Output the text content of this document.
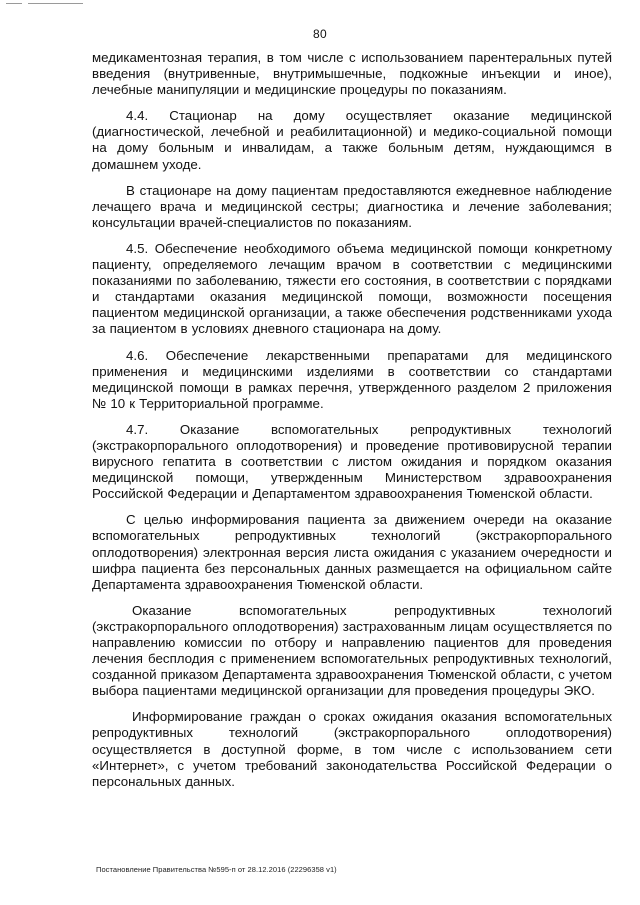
80

медикаментозная терапия, в том числе с использованием парентеральных путей введения (внутривенные, внутримышечные, подкожные инъекции и иное), лечебные манипуляции и медицинские процедуры по показаниям.

4.4. Стационар на дому осуществляет оказание медицинской (диагностической, лечебной и реабилитационной) и медико-социальной помощи на дому больным и инвалидам, а также больным детям, нуждающимся в домашнем уходе.

В стационаре на дому пациентам предоставляются ежедневное наблюдение лечащего врача и медицинской сестры; диагностика и лечение заболевания; консультации врачей-специалистов по показаниям.

4.5. Обеспечение необходимого объема медицинской помощи конкретному пациенту, определяемого лечащим врачом в соответствии с медицинскими показаниями по заболеванию, тяжести его состояния, в соответствии с порядками и стандартами оказания медицинской помощи, возможности посещения пациентом медицинской организации, а также обеспечения родственниками ухода за пациентом в условиях дневного стационара на дому.

4.6. Обеспечение лекарственными препаратами для медицинского применения и медицинскими изделиями в соответствии со стандартами медицинской помощи в рамках перечня, утвержденного разделом 2 приложения № 10 к Территориальной программе.

4.7. Оказание вспомогательных репродуктивных технологий (экстракорпорального оплодотворения) и проведение противовирусной терапии вирусного гепатита в соответствии с листом ожидания и порядком оказания медицинской помощи, утвержденным Министерством здравоохранения Российской Федерации и Департаментом здравоохранения Тюменской области.

С целью информирования пациента за движением очереди на оказание вспомогательных репродуктивных технологий (экстракорпорального оплодотворения) электронная версия листа ожидания с указанием очередности и шифра пациента без персональных данных размещается на официальном сайте Департамента здравоохранения Тюменской области.

Оказание вспомогательных репродуктивных технологий (экстракорпорального оплодотворения) застрахованным лицам осуществляется по направлению комиссии по отбору и направлению пациентов для проведения лечения бесплодия с применением вспомогательных репродуктивных технологий, созданной приказом Департамента здравоохранения Тюменской области, с учетом выбора пациентами медицинской организации для проведения процедуры ЭКО.

Информирование граждан о сроках ожидания оказания вспомогательных репродуктивных технологий (экстракорпорального оплодотворения) осуществляется в доступной форме, в том числе с использованием сети «Интернет», с учетом требований законодательства Российской Федерации о персональных данных.

Постановление Правительства №595-п от 28.12.2016 (22296358 v1)
